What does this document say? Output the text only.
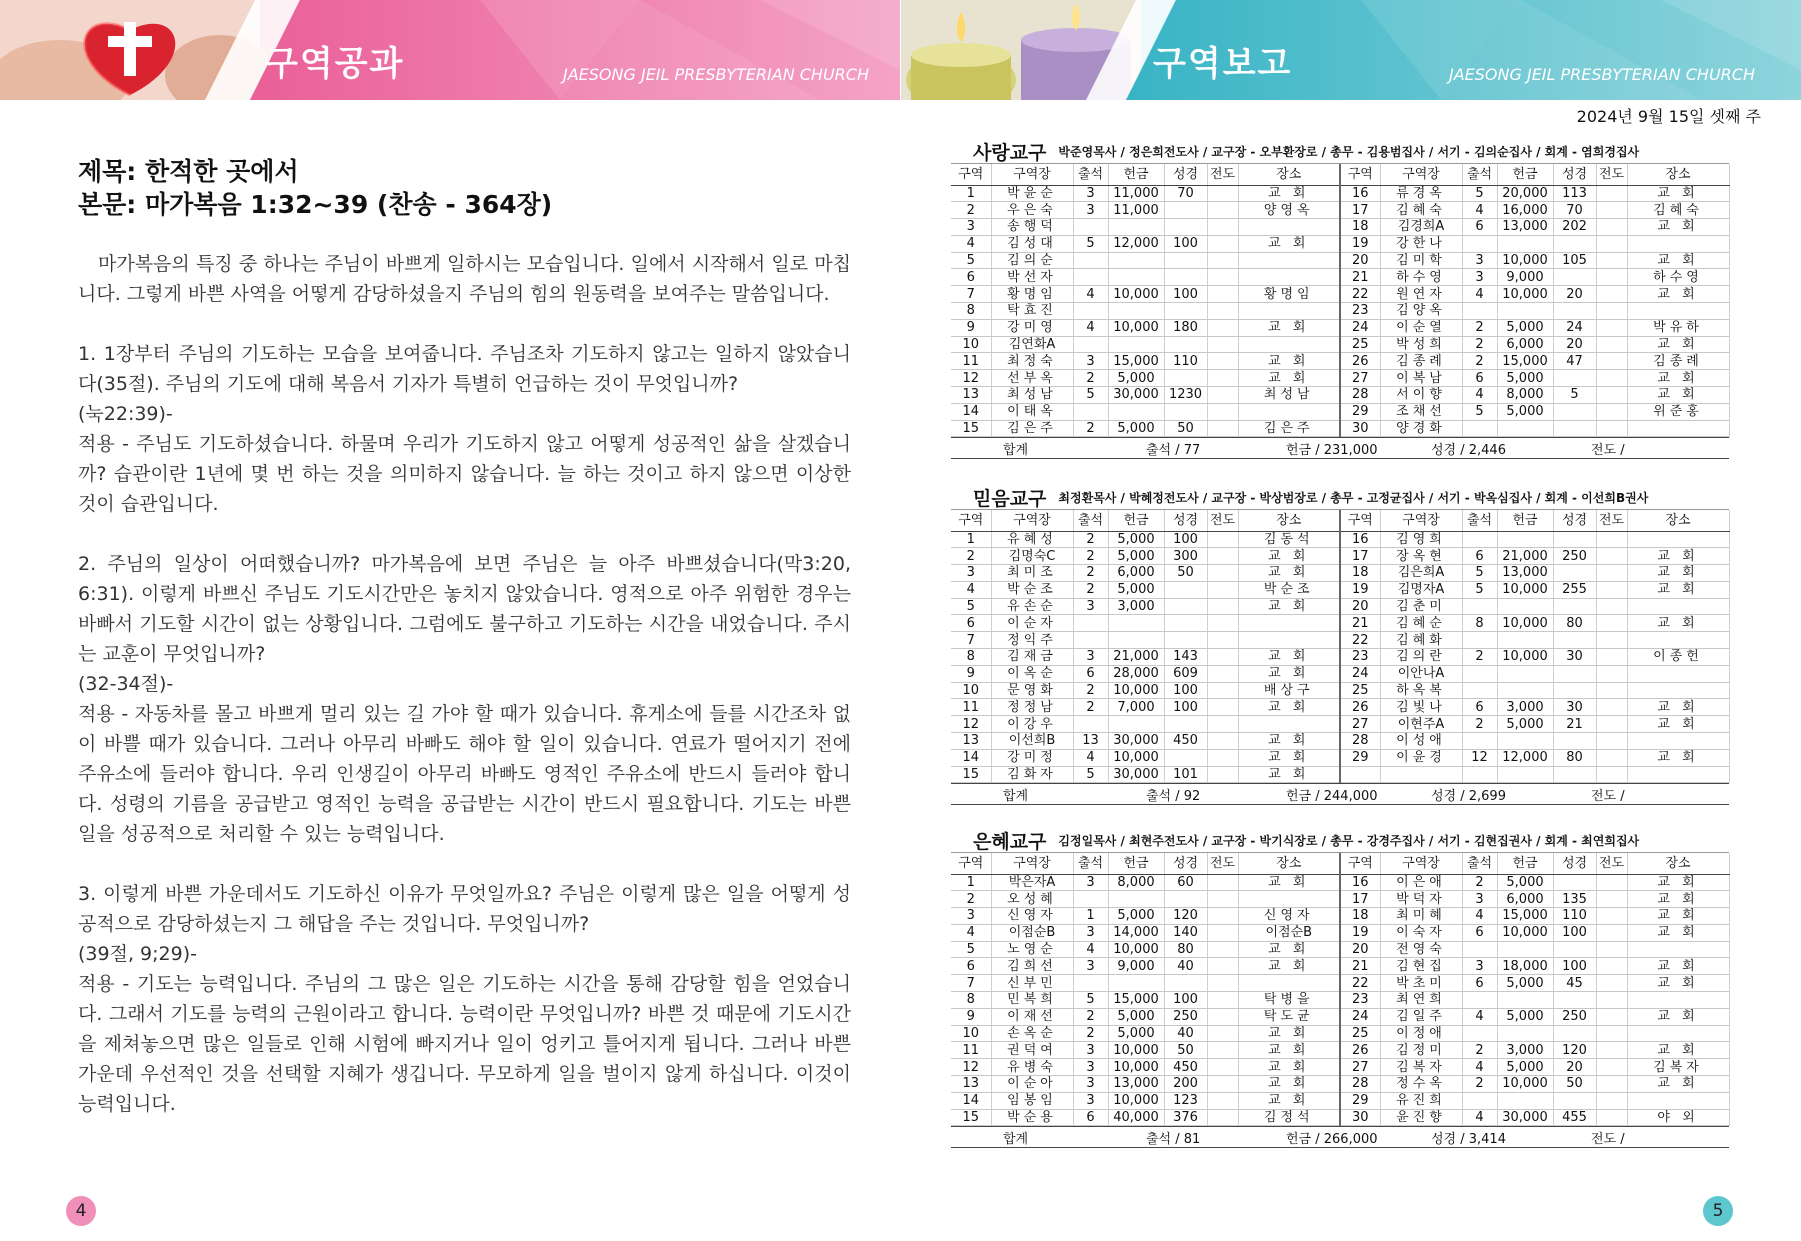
구역공과	JAESONG JEIL PRESBYTERIAN CHURCH
제목: 한적한 곳에서
본문: 마가복음 1:32~39 (찬송 - 364장)

마가복음의 특징 중 하나는 주님이 바쁘게 일하시는 모습입니다. 일에서 시작해서 일로 마칩니다. 그렇게 바쁜 사역을 어떻게 감당하셨을지 주님의 힘의 원동력을 보여주는 말씀입니다.

1. 1장부터 주님의 기도하는 모습을 보여줍니다. 주님조차 기도하지 않고는 일하지 않았습니다(35절). 주님의 기도에 대해 복음서 기자가 특별히 언급하는 것이 무엇입니까?

(눅22:39)-

적용 - 주님도 기도하셨습니다. 하물며 우리가 기도하지 않고 어떻게 성공적인 삶을 살겠습니까? 습관이란 1년에 몇 번 하는 것을 의미하지 않습니다. 늘 하는 것이고 하지 않으면 이상한 것이 습관입니다.

2. 주님의 일상이 어떠했습니까? 마가복음에 보면 주님은 늘 아주 바쁘셨습니다(막3:20, 6:31). 이렇게 바쁘신 주님도 기도시간만은 놓치지 않았습니다. 영적으로 아주 위험한 경우는 바빠서 기도할 시간이 없는 상황입니다. 그럼에도 불구하고 기도하는 시간을 내었습니다. 주시는 교훈이 무엇입니까?

(32-34절)-

적용 - 자동차를 몰고 바쁘게 멀리 있는 길 가야 할 때가 있습니다. 휴게소에 들를 시간조차 없이 바쁠 때가 있습니다. 그러나 아무리 바빠도 해야 할 일이 있습니다. 연료가 떨어지기 전에 주유소에 들러야 합니다. 우리 인생길이 아무리 바빠도 영적인 주유소에 반드시 들러야 합니다. 성령의 기름을 공급받고 영적인 능력을 공급받는 시간이 반드시 필요합니다. 기도는 바쁜 일을 성공적으로 처리할 수 있는 능력입니다.

3. 이렇게 바쁜 가운데서도 기도하신 이유가 무엇일까요? 주님은 이렇게 많은 일을 어떻게 성공적으로 감당하셨는지 그 해답을 주는 것입니다. 무엇입니까?

(39절, 9;29)-

적용 - 기도는 능력입니다. 주님의 그 많은 일은 기도하는 시간을 통해 감당할 힘을 얻었습니다. 그래서 기도를 능력의 근원이라고 합니다. 능력이란 무엇입니까? 바쁜 것 때문에 기도시간을 제쳐놓으면 많은 일들로 인해 시험에 빠지거나 일이 엉키고 틀어지게 됩니다. 그러나 바쁜 가운데 우선적인 것을 선택할 지혜가 생깁니다. 무모하게 일을 벌이지 않게 하십니다. 이것이 능력입니다.

4
구역보고	JAESONG JEIL PRESBYTERIAN CHURCH
2024년 9월 15일 셋째 주
사랑교구 박준영목사 / 정은희전도사 / 교구장 - 오부환장로 / 총무 - 김용범집사 / 서기 - 김의순집사 / 회계 - 염희경집사
구역	구역장	출석	헌금	성경	전도	장소	구역	구역장	출석	헌금	성경	전도	장소
1	박윤순	3	11,000	70		교 회	16	류경옥	5	20,000	113		교 회
2	우은숙	3	11,000			양영옥	17	김혜숙	4	16,000	70		김혜숙
3	송행덕						18	김경희A	6	13,000	202		교 회
4	김성대	5	12,000	100		교 회	19	강한나					
5	김의순						20	김미학	3	10,000	105		교 회
6	박선자						21	하수영	3	9,000			하수영
7	황명임	4	10,000	100		황명임	22	원연자	4	10,000	20		교 회
8	탁효진						23	김양옥					
9	강미영	4	10,000	180		교 회	24	이순열	2	5,000	24		박유하
10	김연화A						25	박성희	2	6,000	20		교 회
11	최정숙	3	15,000	110		교 회	26	김종례	2	15,000	47		김종례
12	선부옥	2	5,000			교 회	27	이복남	6	5,000			교 회
13	최성남	5	30,000	1230		최성남	28	서이향	4	8,000	5		교 회
14	이태옥						29	조채선	5	5,000			위준홍
15	김은주	2	5,000	50		김은주	30	양경화					
합계	출석 / 77	헌금 / 231,000	성경 / 2,446	전도 /
믿음교구 최정환목사 / 박혜정전도사 / 교구장 - 박상범장로 / 총무 - 고정균집사 / 서기 - 박옥심집사 / 회계 - 이선희B권사
구역	구역장	출석	헌금	성경	전도	장소	구역	구역장	출석	헌금	성경	전도	장소
1	유혜성	2	5,000	100		김동석	16	김영희					
2	김명숙C	2	5,000	300		교 회	17	장옥현	6	21,000	250		교 회
3	최미조	2	6,000	50		교 회	18	김은희A	5	13,000			교 회
4	박순조	2	5,000			박순조	19	김명자A	5	10,000	255		교 회
5	유손순	3	3,000			교 회	20	김춘미					
6	이순자						21	김혜순	8	10,000	80		교 회
7	정익주						22	김혜화					
8	김재금	3	21,000	143		교 회	23	김의란	2	10,000	30		이종헌
9	이옥순	6	28,000	609		교 회	24	이안나A					
10	문영화	2	10,000	100		배상구	25	하옥복					
11	정정남	2	7,000	100		교 회	26	김빛나	6	3,000	30		교 회
12	이강우						27	이현주A	2	5,000	21		교 회
13	이선희B	13	30,000	450		교 회	28	이성애					
14	강미정	4	10,000			교 회	29	이윤경	12	12,000	80		교 회
15	김화자	5	30,000	101		교 회							
합계	출석 / 92	헌금 / 244,000	성경 / 2,699	전도 /
은혜교구 김정일목사 / 최현주전도사 / 교구장 - 박기식장로 / 총무 - 강경주집사 / 서기 - 김현집권사 / 회계 - 최연희집사
구역	구역장	출석	헌금	성경	전도	장소	구역	구역장	출석	헌금	성경	전도	장소
1	박은자A	3	8,000	60		교 회	16	이은애	2	5,000			교 회
2	오성혜						17	박덕자	3	6,000	135		교 회
3	신영자	1	5,000	120		신영자	18	최미혜	4	15,000	110		교 회
4	이점순B	3	14,000	140		이점순B	19	이숙자	6	10,000	100		교 회
5	노영순	4	10,000	80		교 회	20	전영숙					
6	김희선	3	9,000	40		교 회	21	김현집	3	18,000	100		교 회
7	신부민						22	박초미	6	5,000	45		교 회
8	민복희	5	15,000	100		탁병을	23	최연희					
9	이재선	2	5,000	250		탁도균	24	김일주	4	5,000	250		교 회
10	손옥순	2	5,000	40		교 회	25	이정애					
11	권덕여	3	10,000	50		교 회	26	김정미	2	3,000	120		교 회
12	유병숙	3	10,000	450		교 회	27	김복자	4	5,000	20		김복자
13	이순아	3	13,000	200		교 회	28	정수옥	2	10,000	50		교 회
14	임봉임	3	10,000	123		교 회	29	유진희					
15	박순용	6	40,000	376		김정석	30	윤진향	4	30,000	455		야 외
합계	출석 / 81	헌금 / 266,000	성경 / 3,414	전도 /
5
